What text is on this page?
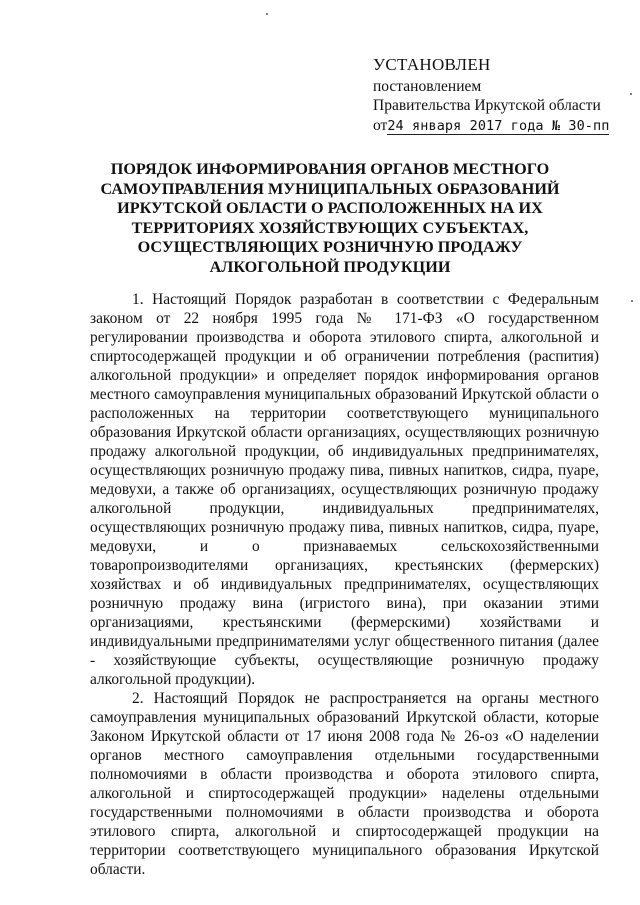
УСТАНОВЛЕН
постановлением
Правительства Иркутской области
от24 января 2017 года № 30-пп
ПОРЯДОК ИНФОРМИРОВАНИЯ ОРГАНОВ МЕСТНОГО САМОУПРАВЛЕНИЯ МУНИЦИПАЛЬНЫХ ОБРАЗОВАНИЙ ИРКУТСКОЙ ОБЛАСТИ О РАСПОЛОЖЕННЫХ НА ИХ ТЕРРИТОРИЯХ ХОЗЯЙСТВУЮЩИХ СУБЪЕКТАХ, ОСУЩЕСТВЛЯЮЩИХ РОЗНИЧНУЮ ПРОДАЖУ АЛКОГОЛЬНОЙ ПРОДУКЦИИ

1. Настоящий Порядок разработан в соответствии с Федеральным законом от 22 ноября 1995 года № 171-ФЗ «О государственном регулировании производства и оборота этилового спирта, алкогольной и спиртосодержащей продукции и об ограничении потребления (распития) алкогольной продукции» и определяет порядок информирования органов местного самоуправления муниципальных образований Иркутской области о расположенных на территории соответствующего муниципального образования Иркутской области организациях, осуществляющих розничную продажу алкогольной продукции, об индивидуальных предпринимателях, осуществляющих розничную продажу пива, пивных напитков, сидра, пуаре, медовухи, а также об организациях, осуществляющих розничную продажу алкогольной продукции, индивидуальных предпринимателях, осуществляющих розничную продажу пива, пивных напитков, сидра, пуаре, медовухи, и о признаваемых сельскохозяйственными товаропроизводителями организациях, крестьянских (фермерских) хозяйствах и об индивидуальных предпринимателях, осуществляющих розничную продажу вина (игристого вина), при оказании этими организациями, крестьянскими (фермерскими) хозяйствами и индивидуальными предпринимателями услуг общественного питания (далее - хозяйствующие субъекты, осуществляющие розничную продажу алкогольной продукции).

2. Настоящий Порядок не распространяется на органы местного самоуправления муниципальных образований Иркутской области, которые Законом Иркутской области от 17 июня 2008 года № 26-оз «О наделении органов местного самоуправления отдельными государственными полномочиями в области производства и оборота этилового спирта, алкогольной и спиртосодержащей продукции» наделены отдельными государственными полномочиями в области производства и оборота этилового спирта, алкогольной и спиртосодержащей продукции на территории соответствующего муниципального образования Иркутской области.
